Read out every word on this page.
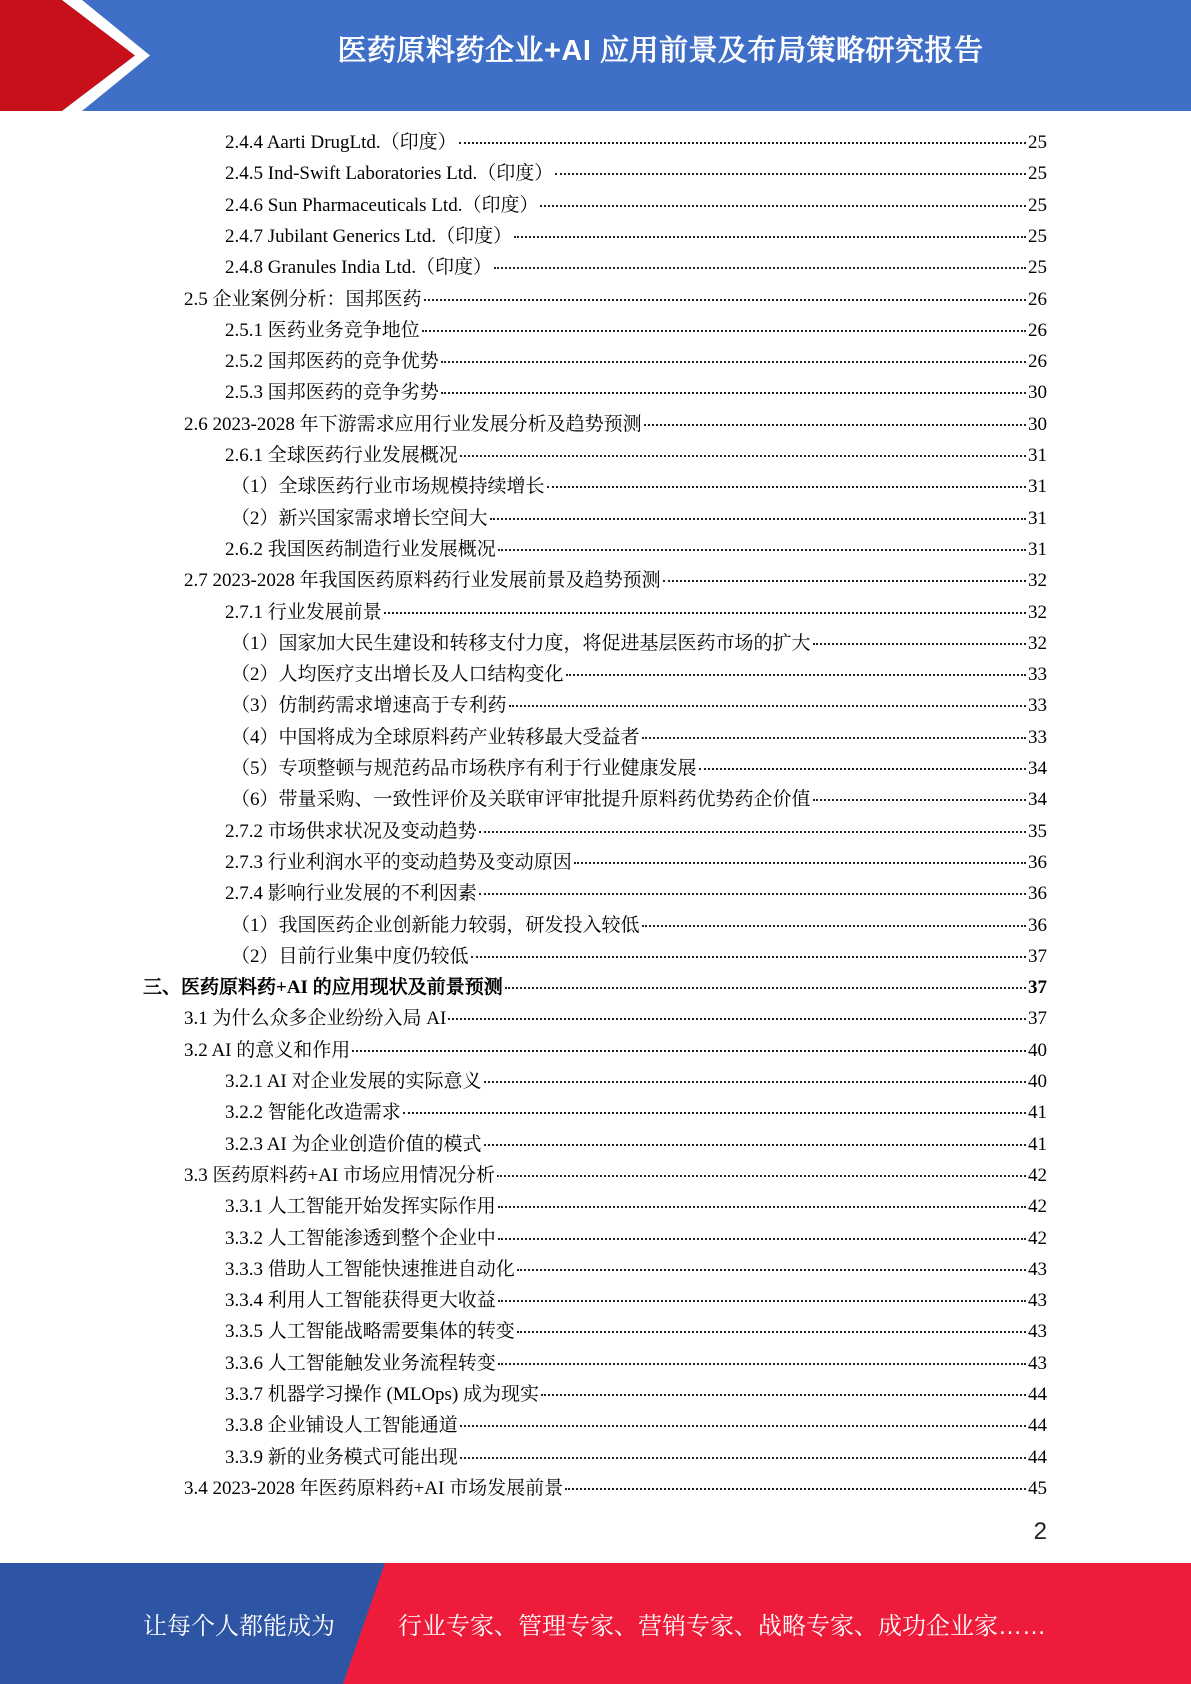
医药原料药企业+AI 应用前景及布局策略研究报告
2.4.4 Aarti DrugLtd.（印度）	25
2.4.5 Ind-Swift Laboratories Ltd.（印度）	25
2.4.6 Sun Pharmaceuticals Ltd.（印度）	25
2.4.7 Jubilant Generics Ltd.（印度）	25
2.4.8 Granules India Ltd.（印度）	25
2.5 企业案例分析：国邦医药	26
2.5.1 医药业务竞争地位	26
2.5.2 国邦医药的竞争优势	26
2.5.3 国邦医药的竞争劣势	30
2.6 2023-2028 年下游需求应用行业发展分析及趋势预测	30
2.6.1 全球医药行业发展概况	31
（1）全球医药行业市场规模持续增长	31
（2）新兴国家需求增长空间大	31
2.6.2 我国医药制造行业发展概况	31
2.7 2023-2028 年我国医药原料药行业发展前景及趋势预测	32
2.7.1 行业发展前景	32
（1）国家加大民生建设和转移支付力度，将促进基层医药市场的扩大	32
（2）人均医疗支出增长及人口结构变化	33
（3）仿制药需求增速高于专利药	33
（4）中国将成为全球原料药产业转移最大受益者	33
（5）专项整顿与规范药品市场秩序有利于行业健康发展	34
（6）带量采购、一致性评价及关联审评审批提升原料药优势药企价值	34
2.7.2 市场供求状况及变动趋势	35
2.7.3 行业利润水平的变动趋势及变动原因	36
2.7.4 影响行业发展的不利因素	36
（1）我国医药企业创新能力较弱，研发投入较低	36
（2）目前行业集中度仍较低	37
三、医药原料药+AI 的应用现状及前景预测	37
3.1 为什么众多企业纷纷入局 AI	37
3.2 AI 的意义和作用	40
3.2.1 AI 对企业发展的实际意义	40
3.2.2 智能化改造需求	41
3.2.3 AI 为企业创造价值的模式	41
3.3 医药原料药+AI 市场应用情况分析	42
3.3.1 人工智能开始发挥实际作用	42
3.3.2 人工智能渗透到整个企业中	42
3.3.3 借助人工智能快速推进自动化	43
3.3.4 利用人工智能获得更大收益	43
3.3.5 人工智能战略需要集体的转变	43
3.3.6 人工智能触发业务流程转变	43
3.3.7 机器学习操作 (MLOps) 成为现实	44
3.3.8 企业铺设人工智能通道	44
3.3.9 新的业务模式可能出现	44
3.4 2023-2028 年医药原料药+AI 市场发展前景	45
2
让每个人都能成为	行业专家、管理专家、营销专家、战略专家、成功企业家……
